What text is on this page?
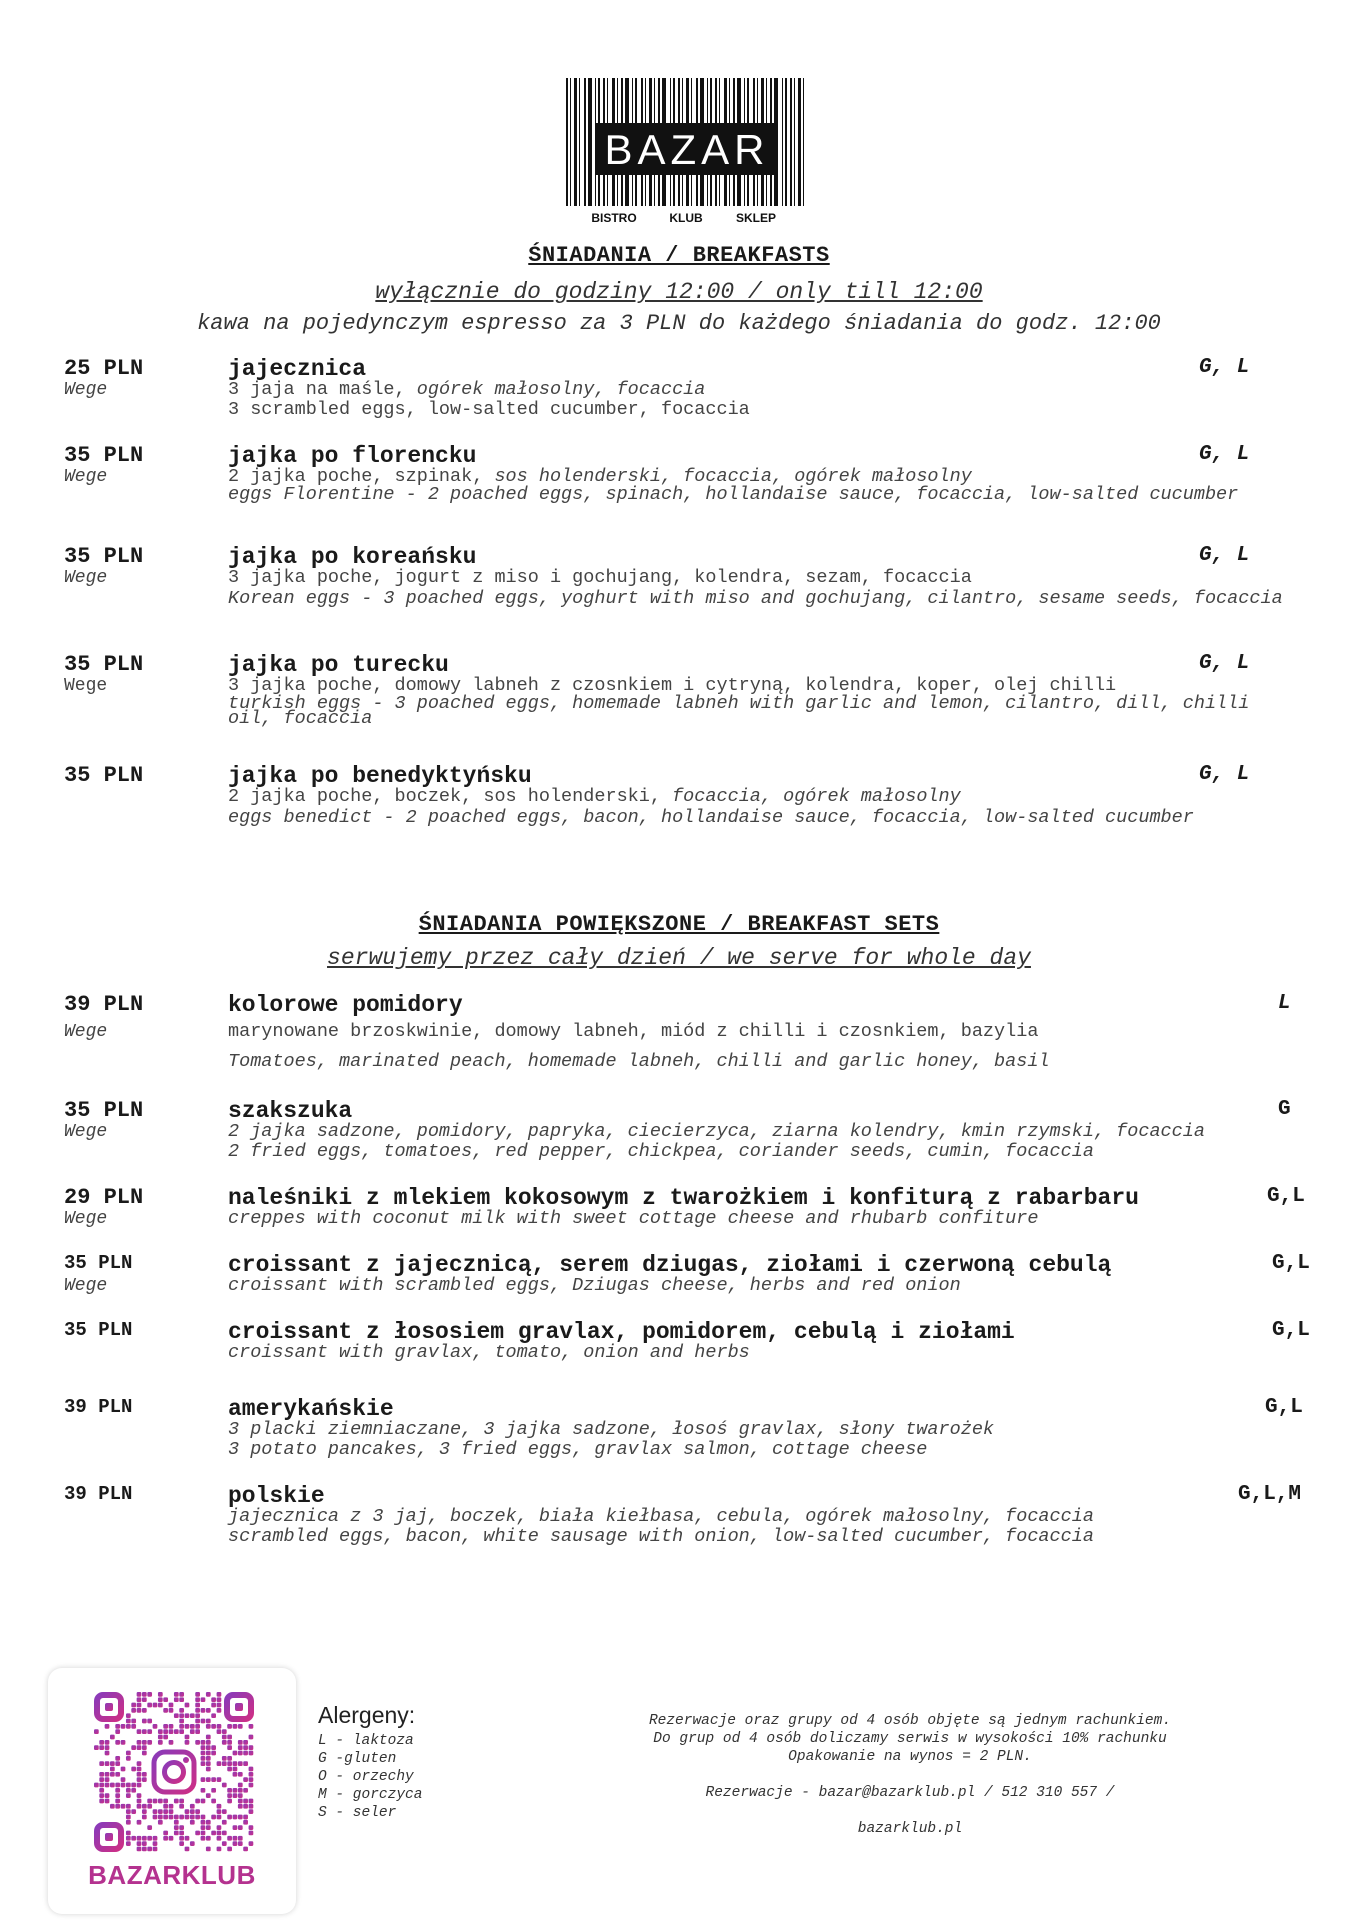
BAZAR
BISTRO	KLUB	SKLEP
ŚNIADANIA / BREAKFASTS
wyłącznie do godziny 12:00 / only till 12:00
kawa na pojedynczym espresso za 3 PLN do każdego śniadania do godz. 12:00
25 PLN
Wege
jajecznica	G, L
3 jaja na maśle, ogórek małosolny, focaccia
3 scrambled eggs, low-salted cucumber, focaccia
35 PLN
Wege
jajka po florencku	G, L
2 jajka poche, szpinak, sos holenderski, focaccia, ogórek małosolny
eggs Florentine - 2 poached eggs, spinach, hollandaise sauce, focaccia, low-salted cucumber
35 PLN
Wege
jajka po koreańsku	G, L
3 jajka poche, jogurt z miso i gochujang, kolendra, sezam, focaccia
Korean eggs - 3 poached eggs, yoghurt with miso and gochujang, cilantro, sesame seeds, focaccia
35 PLN
Wege
jajka po turecku	G, L
3 jajka poche, domowy labneh z czosnkiem i cytryną, kolendra, koper, olej chilli
turkish eggs - 3 poached eggs, homemade labneh with garlic and lemon, cilantro, dill, chilli oil, focaccia
35 PLN	jajka po benedyktyńsku	G, L
2 jajka poche, boczek, sos holenderski, focaccia, ogórek małosolny
eggs benedict - 2 poached eggs, bacon, hollandaise sauce, focaccia, low-salted cucumber
ŚNIADANIA POWIĘKSZONE / BREAKFAST SETS
serwujemy przez cały dzień / we serve for whole day
39 PLN
Wege
kolorowe pomidory	L
marynowane brzoskwinie, domowy labneh, miód z chilli i czosnkiem, bazylia
Tomatoes, marinated peach, homemade labneh, chilli and garlic honey, basil
35 PLN
Wege
szakszuka	G
2 jajka sadzone, pomidory, papryka, ciecierzyca, ziarna kolendry, kmin rzymski, focaccia
2 fried eggs, tomatoes, red pepper, chickpea, coriander seeds, cumin, focaccia
29 PLN
Wege
naleśniki z mlekiem kokosowym z twarożkiem i konfiturą z rabarbaru	G,L
creppes with coconut milk with sweet cottage cheese and rhubarb confiture
35 PLN
Wege
croissant z jajecznicą, serem dziugas, ziołami i czerwoną cebulą	G,L
croissant with scrambled eggs, Dziugas cheese, herbs and red onion
35 PLN	croissant z łososiem gravlax, pomidorem, cebulą i ziołami	G,L
croissant with gravlax, tomato, onion and herbs
39 PLN	amerykańskie	G,L
3 placki ziemniaczane, 3 jajka sadzone, łosoś gravlax, słony twarożek
3 potato pancakes, 3 fried eggs, gravlax salmon, cottage cheese
39 PLN	polskie	G,L,M
jajecznica z 3 jaj, boczek, biała kiełbasa, cebula, ogórek małosolny, focaccia
scrambled eggs, bacon, white sausage with onion, low-salted cucumber, focaccia
BAZARKLUB
Alergeny:
L - laktoza
G -gluten
O - orzechy
M - gorczyca
S - seler
Rezerwacje oraz grupy od 4 osób objęte są jednym rachunkiem.
Do grup od 4 osób doliczamy serwis w wysokości 10% rachunku
Opakowanie na wynos = 2 PLN.
Rezerwacje - bazar@bazarklub.pl / 512 310 557 /
bazarklub.pl
